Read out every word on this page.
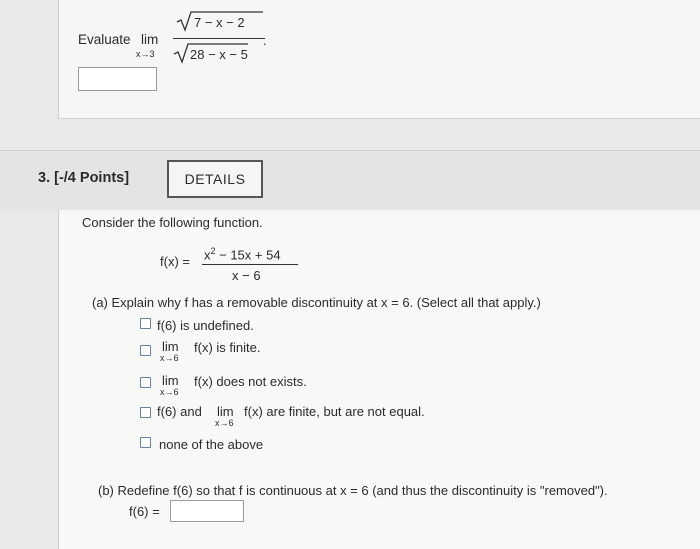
Evaluate lim
x→3
7 − x − 2
28 − x − 5
.
3. [-/4 Points]	DETAILS
Consider the following function.
$f(x) = x^2 - 15x + 54$
x − 6
(a) Explain why f has a removable discontinuity at x = 6. (Select all that apply.)
f(6) is undefined.
lim
x→6
f(x) is finite.
lim
x→6
f(x) does not exists.
f(6) and lim
x→6
f(x) are finite, but are not equal.
none of the above
(b) Redefine f(6) so that f is continuous at x = 6 (and thus the discontinuity is "removed").
f(6) =
